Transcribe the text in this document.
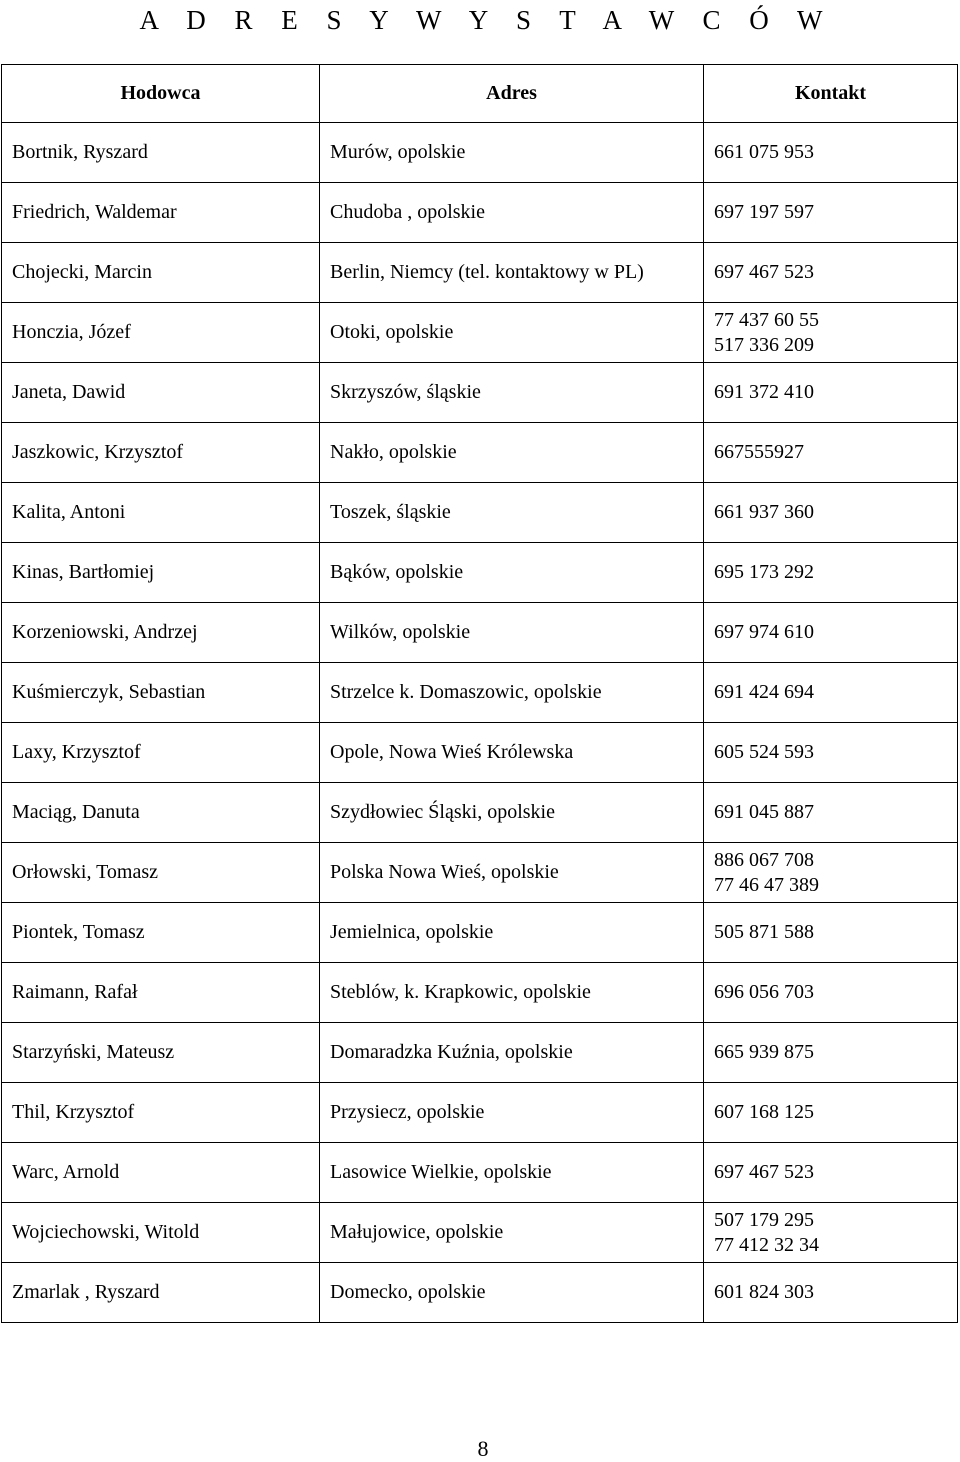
A D R E S Y W Y S T A W C Ó W
Hodowca	Adres	Kontakt
Bortnik, Ryszard	Murów, opolskie	661 075 953
Friedrich, Waldemar	Chudoba , opolskie	697 197 597
Chojecki, Marcin	Berlin, Niemcy (tel. kontaktowy w PL)	697 467 523
Honczia, Józef	Otoki, opolskie	77 437 60 55
517 336 209

Janeta, Dawid	Skrzyszów, śląskie	691 372 410
Jaszkowic, Krzysztof	Nakło, opolskie	667555927
Kalita, Antoni	Toszek, śląskie	661 937 360
Kinas, Bartłomiej	Bąków, opolskie	695 173 292
Korzeniowski, Andrzej	Wilków, opolskie	697 974 610
Kuśmierczyk, Sebastian	Strzelce k. Domaszowic, opolskie	691 424 694
Laxy, Krzysztof	Opole, Nowa Wieś Królewska	605 524 593
Maciąg, Danuta	Szydłowiec Śląski, opolskie	691 045 887
Orłowski, Tomasz	Polska Nowa Wieś, opolskie	886 067 708
77 46 47 389

Piontek, Tomasz	Jemielnica, opolskie	505 871 588
Raimann, Rafał	Steblów, k. Krapkowic, opolskie	696 056 703
Starzyński, Mateusz	Domaradzka Kuźnia, opolskie	665 939 875
Thil, Krzysztof	Przysiecz, opolskie	607 168 125
Warc, Arnold	Lasowice Wielkie, opolskie	697 467 523
Wojciechowski, Witold	Małujowice, opolskie	507 179 295
77 412 32 34

Zmarlak , Ryszard	Domecko, opolskie	601 824 303
8
